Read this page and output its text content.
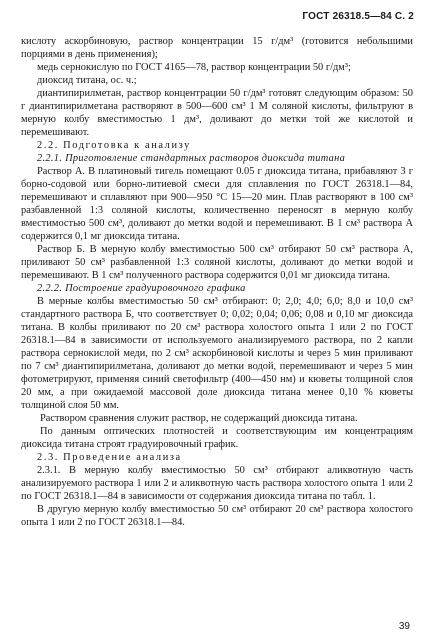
ГОСТ 26318.5—84 С. 2

кислоту аскорбиновую, раствор концентрации 15 г/дм³ (готовится небольшими порциями в день применения);

медь сернокислую по ГОСТ 4165—78, раствор концентрации 50 г/дм³;

диоксид титана, ос. ч.;

диантипирилметан, раствор концентрации 50 г/дм³ готовят следующим образом: 50 г диантипирилметана растворяют в 500—600 см³ 1 М соляной кислоты, фильтруют в мерную колбу вместимостью 1 дм³, доливают до метки той же кислотой и перемешивают.

2.2. Подготовка к анализу

2.2.1. Приготовление стандартных растворов диоксида титана

Раствор А. В платиновый тигель помещают 0.05 г диоксида титана, прибавляют 3 г борно-содовой или борно-литиевой смеси для сплавления по ГОСТ 26318.1—84, перемешивают и сплавляют при 900—950 °С 15—20 мин. Плав растворяют в 100 см³ разбавленной 1:3 соляной кислоты, количественно переносят в мерную колбу вместимостью 500 см³, доливают до метки водой и перемешивают. В 1 см³ раствора А содержится 0,1 мг диоксида титана.

Раствор Б. В мерную колбу вместимостью 500 см³ отбирают 50 см³ раствора А, приливают 50 см³ разбавленной 1:3 соляной кислоты, доливают до метки водой и перемешивают. В 1 см³ полученного раствора содержится 0,01 мг диоксида титана.

2.2.2. Построение градуировочного графика

В мерные колбы вместимостью 50 см³ отбирают: 0; 2,0; 4,0; 6,0; 8,0 и 10,0 см³ стандартного раствора Б, что соответствует 0; 0,02; 0,04; 0,06; 0,08 и 0,10 мг диоксида титана. В колбы приливают по 20 см³ раствора холостого опыта 1 или 2 по ГОСТ 26318.1—84 в зависимости от используемого анализируемого раствора, по 2 капли раствора сернокислой меди, по 2 см³ аскорбиновой кислоты и через 5 мин приливают по 7 см³ диантипирилметана, доливают до метки водой, перемешивают и через 5 мин фотометрируют, применяя синий светофильтр (400—450 нм) и кюветы толщиной слоя 20 мм, а при ожидаемой массовой доле диоксида титана менее 0,10 % кюветы толщиной слоя 50 мм.

Раствором сравнения служит раствор, не содержащий диоксида титана.

По данным оптических плотностей и соответствующим им концентрациям диоксида титана строят градуировочный график.

2.3. Проведение анализа

2.3.1. В мерную колбу вместимостью 50 см³ отбирают аликвотную часть анализируемого раствора 1 или 2 и аликвотную часть раствора холостого опыта 1 или 2 по ГОСТ 26318.1—84 в зависимости от содержания диоксида титана по табл. 1.

В другую мерную колбу вместимостью 50 см³ отбирают 20 см³ раствора холостого опыта 1 или 2 по ГОСТ 26318.1—84.

39
